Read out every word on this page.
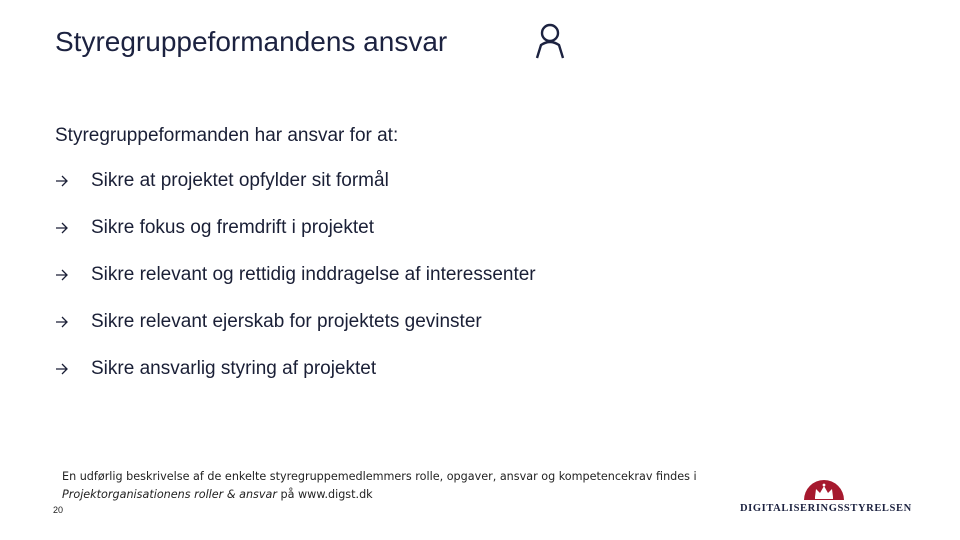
Styregruppeformandens ansvar
Styregruppeformanden har ansvar for at:
Sikre at projektet opfylder sit formål
Sikre fokus og fremdrift i projektet
Sikre relevant og rettidig inddragelse af interessenter
Sikre relevant ejerskab for projektets gevinster
Sikre ansvarlig styring af projektet
En udførlig beskrivelse af de enkelte styregruppemedlemmers rolle, opgaver, ansvar og kompetencekrav findes i
Projektorganisationens roller & ansvar på www.digst.dk
20	DIGITALISERINGSSTYRELSEN
